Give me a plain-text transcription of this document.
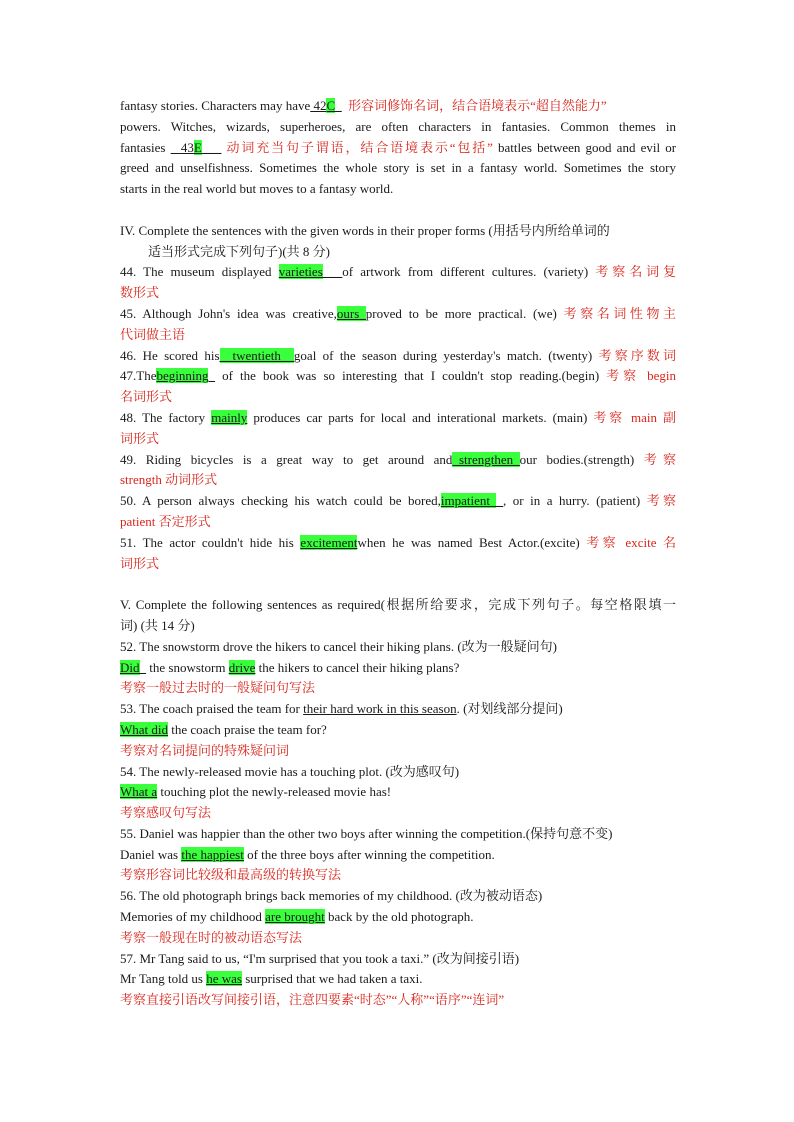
fantasy stories. Characters may have 42C_ 形容词修饰名词，结合语境表示“超自然能力”

powers. Witches, wizards, superheroes, are often characters in fantasies. Common themes in

fantasies 43E___ 动词充当句子谓语，结合语境表示“包括” battles between good and evil or

greed and unselfishness. Sometimes the whole story is set in a fantasy world. Sometimes the story

starts in the real world but moves to a fantasy world.

IV. Complete the sentences with the given words in their proper forms (用括号内所给单词的

适当形式完成下列句子)(共 8 分)

44. The museum displayed varieties___of artwork from different cultures. (variety) 考察名词复

数形式

45. Although John's idea was creative,ours_proved to be more practical. (we) 考察名词性物主

代词做主语

46. He scored his__twentieth__goal of the season during yesterday's match. (twenty) 考察序数词

47.Thebeginning_ of the book was so interesting that I couldn't stop reading.(begin) 考察 begin

名词形式

48. The factory mainly produces car parts for local and interational markets. (main) 考察 main 副

词形式

49. Riding bicycles is a great way to get around and_strengthen_our bodies.(strength) 考察

strength 动词形式

50. A person always checking his watch could be bored,impatient__, or in a hurry. (patient) 考察

patient 否定形式

51. The actor couldn't hide his excitementwhen he was named Best Actor.(excite) 考察 excite 名

词形式

V. Complete the following sentences as required(根据所给要求，完成下列句子。每空格限填一

词) (共 14 分)

52. The snowstorm drove the hikers to cancel their hiking plans. (改为一般疑问句)

Did_ the snowstorm drive the hikers to cancel their hiking plans?

考察一般过去时的一般疑问句写法

53. The coach praised the team for their hard work in this season. (对划线部分提问)

What did the coach praise the team for?

考察对名词提问的特殊疑问词

54. The newly-released movie has a touching plot. (改为感叹句)

What a touching plot the newly-released movie has!

考察感叹句写法

55. Daniel was happier than the other two boys after winning the competition.(保持句意不变)

Daniel was the happiest of the three boys after winning the competition.

考察形容词比较级和最高级的转换写法

56. The old photograph brings back memories of my childhood. (改为被动语态)

Memories of my childhood are brought back by the old photograph.

考察一般现在时的被动语态写法

57. Mr Tang said to us, “I'm surprised that you took a taxi.” (改为间接引语)

Mr Tang told us he was surprised that we had taken a taxi.

考察直接引语改写间接引语，注意四要素“时态”“人称”“语序”“连词”
